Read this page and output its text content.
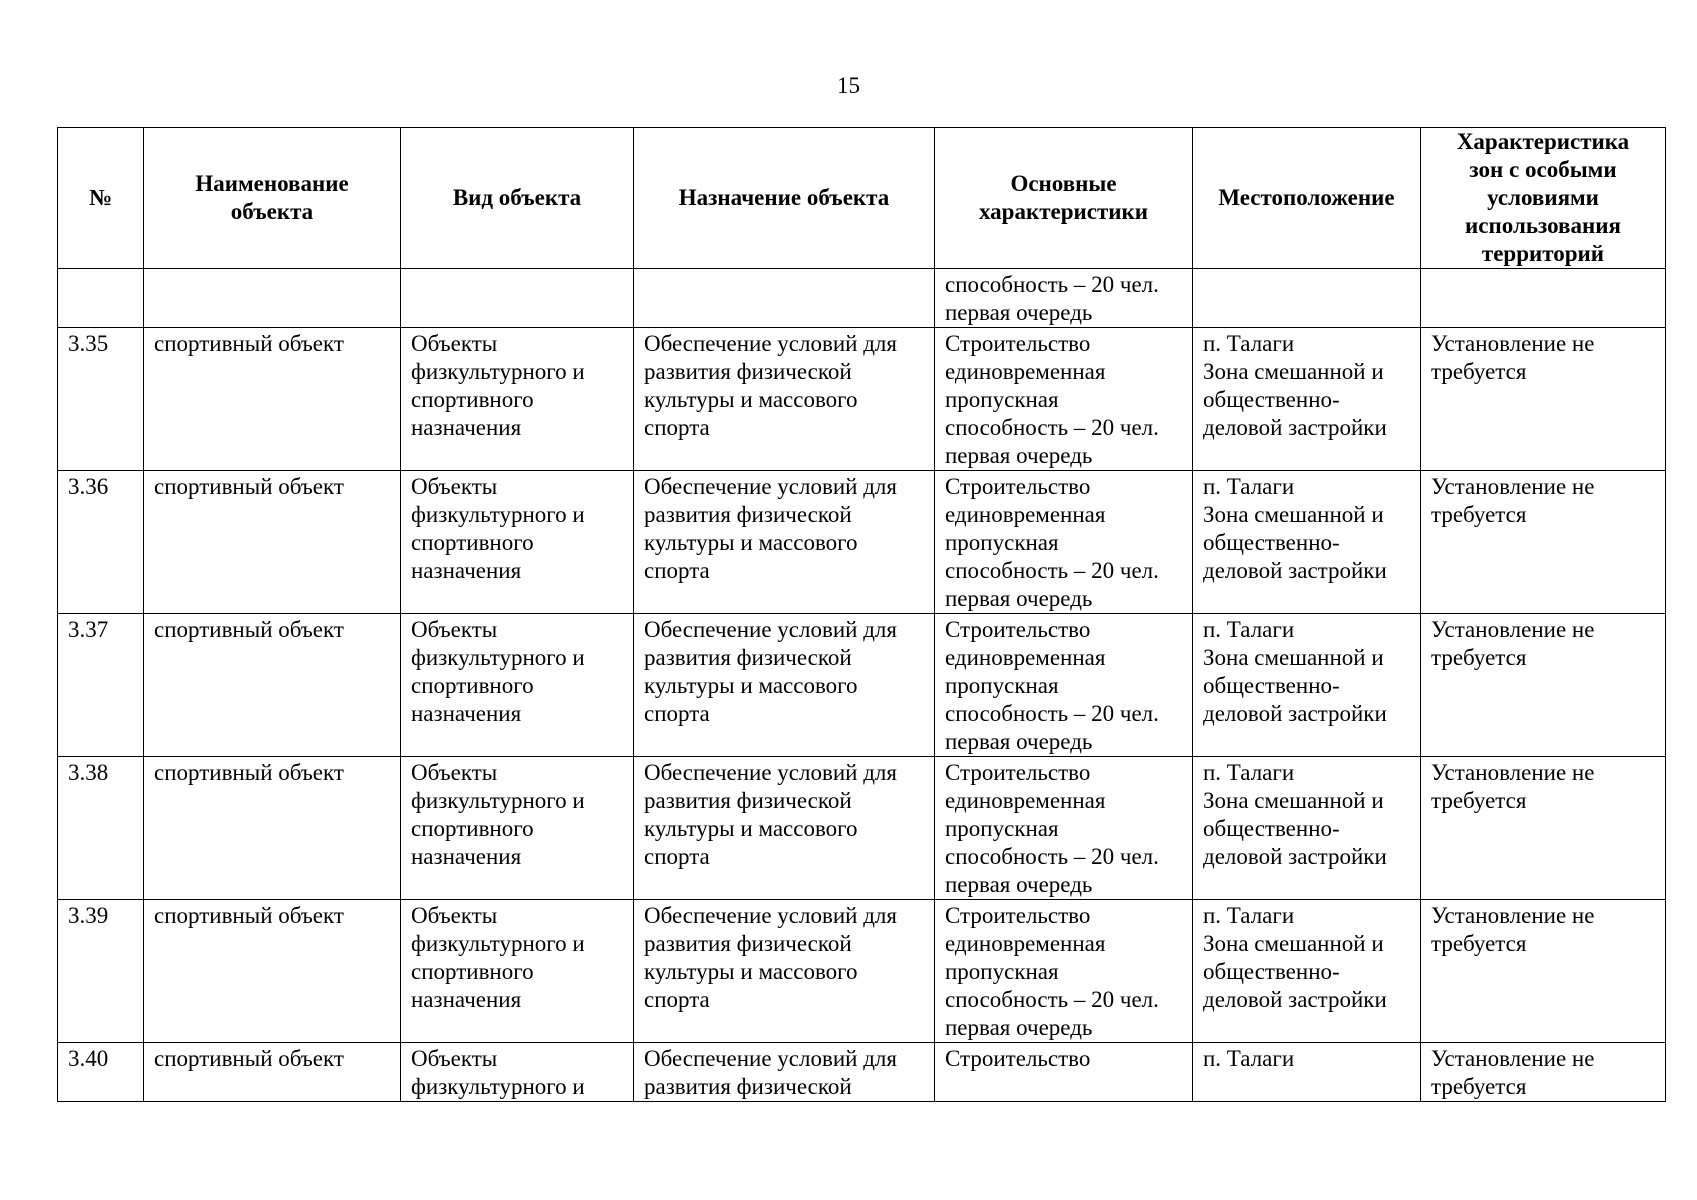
15
№	Наименование
объекта	Вид объекта	Назначение объекта	Основные
характеристики	Местоположение	Характеристика
зон с особыми
условиями
использования
территорий

				способность – 20 чел.
первая очередь		

3.35	спортивный объект	Объекты
физкультурного и
спортивного
назначения	Обеспечение условий для
развития физической
культуры и массового
спорта	Строительство
единовременная
пропускная
способность – 20 чел.
первая очередь	п. Талаги
Зона смешанной и
общественно-
деловой застройки	Установление не
требуется

3.36	спортивный объект	Объекты
физкультурного и
спортивного
назначения	Обеспечение условий для
развития физической
культуры и массового
спорта	Строительство
единовременная
пропускная
способность – 20 чел.
первая очередь	п. Талаги
Зона смешанной и
общественно-
деловой застройки	Установление не
требуется

3.37	спортивный объект	Объекты
физкультурного и
спортивного
назначения	Обеспечение условий для
развития физической
культуры и массового
спорта	Строительство
единовременная
пропускная
способность – 20 чел.
первая очередь	п. Талаги
Зона смешанной и
общественно-
деловой застройки	Установление не
требуется

3.38	спортивный объект	Объекты
физкультурного и
спортивного
назначения	Обеспечение условий для
развития физической
культуры и массового
спорта	Строительство
единовременная
пропускная
способность – 20 чел.
первая очередь	п. Талаги
Зона смешанной и
общественно-
деловой застройки	Установление не
требуется

3.39	спортивный объект	Объекты
физкультурного и
спортивного
назначения	Обеспечение условий для
развития физической
культуры и массового
спорта	Строительство
единовременная
пропускная
способность – 20 чел.
первая очередь	п. Талаги
Зона смешанной и
общественно-
деловой застройки	Установление не
требуется

3.40	спортивный объект	Объекты
физкультурного и	Обеспечение условий для
развития физической	Строительство	п. Талаги	Установление не
требуется
